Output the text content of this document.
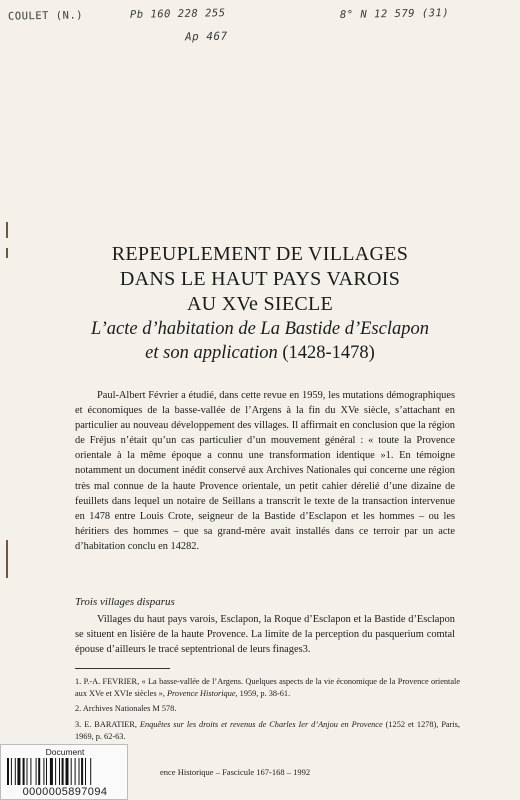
COULET (N.)	Pb 160 228 255	8° N 12 579 (31)
Ap 467
REPEUPLEMENT DE VILLAGES
DANS LE HAUT PAYS VAROIS
AU XVe SIECLE
L’acte d’habitation de La Bastide d’Esclapon
et son application (1428-1478)

Paul-Albert Février a étudié, dans cette revue en 1959, les mutations démographiques et économiques de la basse-vallée de l’Argens à la fin du XVe siècle, s’attachant en particulier au nouveau développement des villages. Il affirmait en conclusion que la région de Fréjus n’était qu’un cas particulier d’un mouvement général : « toute la Provence orientale à la même époque a connu une transformation identique »1. En témoigne notamment un document inédit conservé aux Archives Nationales qui concerne une région très mal connue de la haute Provence orientale, un petit cahier dérelié d’une dizaine de feuillets dans lequel un notaire de Seillans a transcrit le texte de la transaction intervenue en 1478 entre Louis Crote, seigneur de la Bastide d’Esclapon et les hommes – ou les héritiers des hommes – que sa grand-mère avait installés dans ce terroir par un acte d’habitation conclu en 14282.

Trois villages disparus

Villages du haut pays varois, Esclapon, la Roque d’Esclapon et la Bastide d’Esclapon se situent en lisière de la haute Provence. La limite de la perception du pasquerium comtal épouse d’ailleurs le tracé septentrional de leurs finages3.

1. P.-A. FEVRIER, « La basse-vallée de l’Argens. Quelques aspects de la vie économique de la Provence orientale aux XVe et XVIe siècles », Provence Historique, 1959, p. 38-61.
2. Archives Nationales M 578.
3. E. BARATIER, Enquêtes sur les droits et revenus de Charles Ier d’Anjou en Provence (1252 et 1278), Paris, 1969, p. 62-63.
ence Historique – Fascicule 167-168 – 1992
Document
0000005897094
